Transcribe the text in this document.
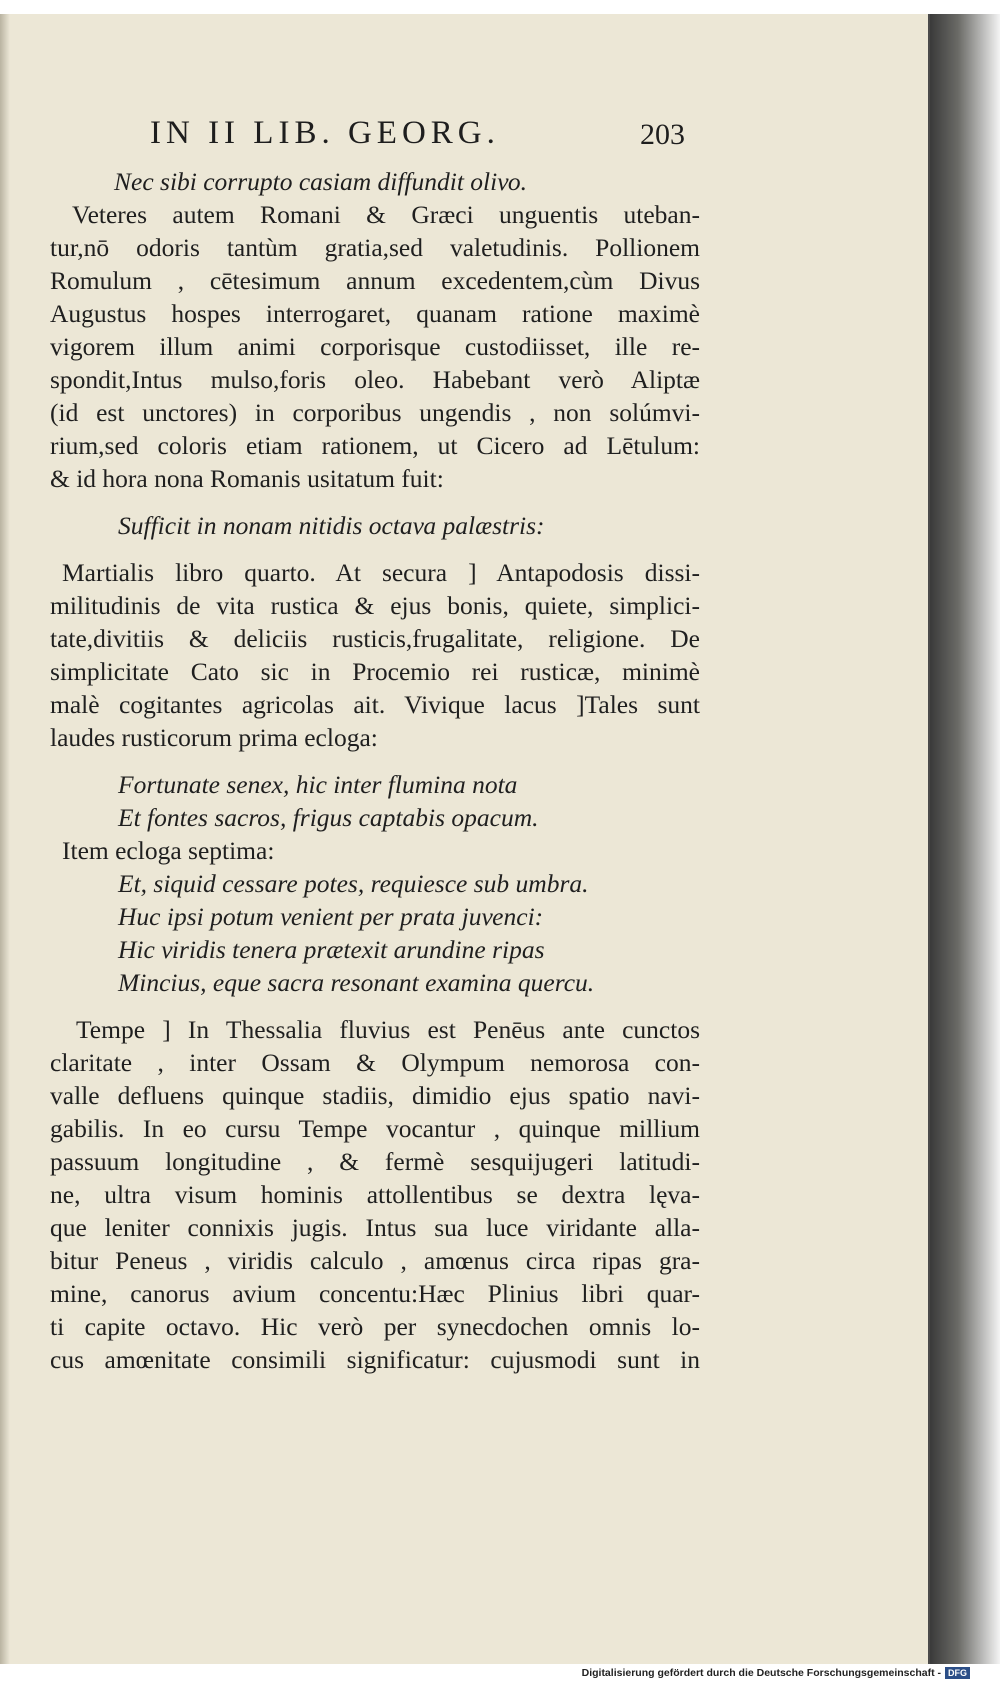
IN II LIB. GEORG.	203
Nec sibi corrupto casiam diffundit oliᴠo.
Veteres autem Romani & Græci unguentis uteban-
tur,nō odoris tantùm gratia,sed valetudinis. Pollionem
Romulum , cētesimum annum excedentem,cùm Divus
Augustus hospes interrogaret, quanam ratione maximè
vigorem illum animi corporisque custodiisset, ille re-
spondit,Intus mulso,foris oleo. Habebant verò Aliptæ
(id est unctores) in corporibus ungendis , non solúmvi-
rium,sed coloris etiam rationem, ut Cicero ad Lētulum:
& id hora nona Romanis usitatum fuit:
Sufficit in nonam nitidis octaᴠa palæstris:
Martialis libro quarto. At secura ] Antapodosis dissi-
militudinis de vita rustica & ejus bonis, quiete, simplici-
tate,divitiis & deliciis rusticis,frugalitate, religione. De
simplicitate Cato sic in Procemio rei rusticæ, minimè
malè cogitantes agricolas ait. Viᴠique lacus ]Tales sunt
laudes rusticorum prima ecloga:
Fortunate senex, hic inter flumina nota
Et fontes sacros, frigus captabis opacum.
Item ecloga septima:
Et, siquid cessare potes, requiesce sub umbra.
Huc ipsi potum ᴠenient per prata juᴠenci:
Hic ᴠiridis tenera prætexit arundine ripas
Mincius, eque sacra resonant examina quercu.
Tempe ] In Thessalia fluvius est Penēus ante cunctos
claritate , inter Ossam & Olympum nemorosa con-
valle defluens quinque stadiis, dimidio ejus spatio navi-
gabilis. In eo cursu Tempe vocantur , quinque millium
passuum longitudine , & fermè sesquijugeri latitudi-
ne, ultra visum hominis attollentibus se dextra lęva-
que leniter connixis jugis. Intus sua luce viridante alla-
bitur Peneus , viridis calculo , amœnus circa ripas gra-
mine, canorus avium concentu:Hæc Plinius libri quar-
ti capite octavo. Hic verò per synecdochen omnis lo-
cus amœnitate consimili significatur: cujusmodi sunt in
Digitalisierung gefördert durch die Deutsche Forschungsgemeinschaft - DFG
